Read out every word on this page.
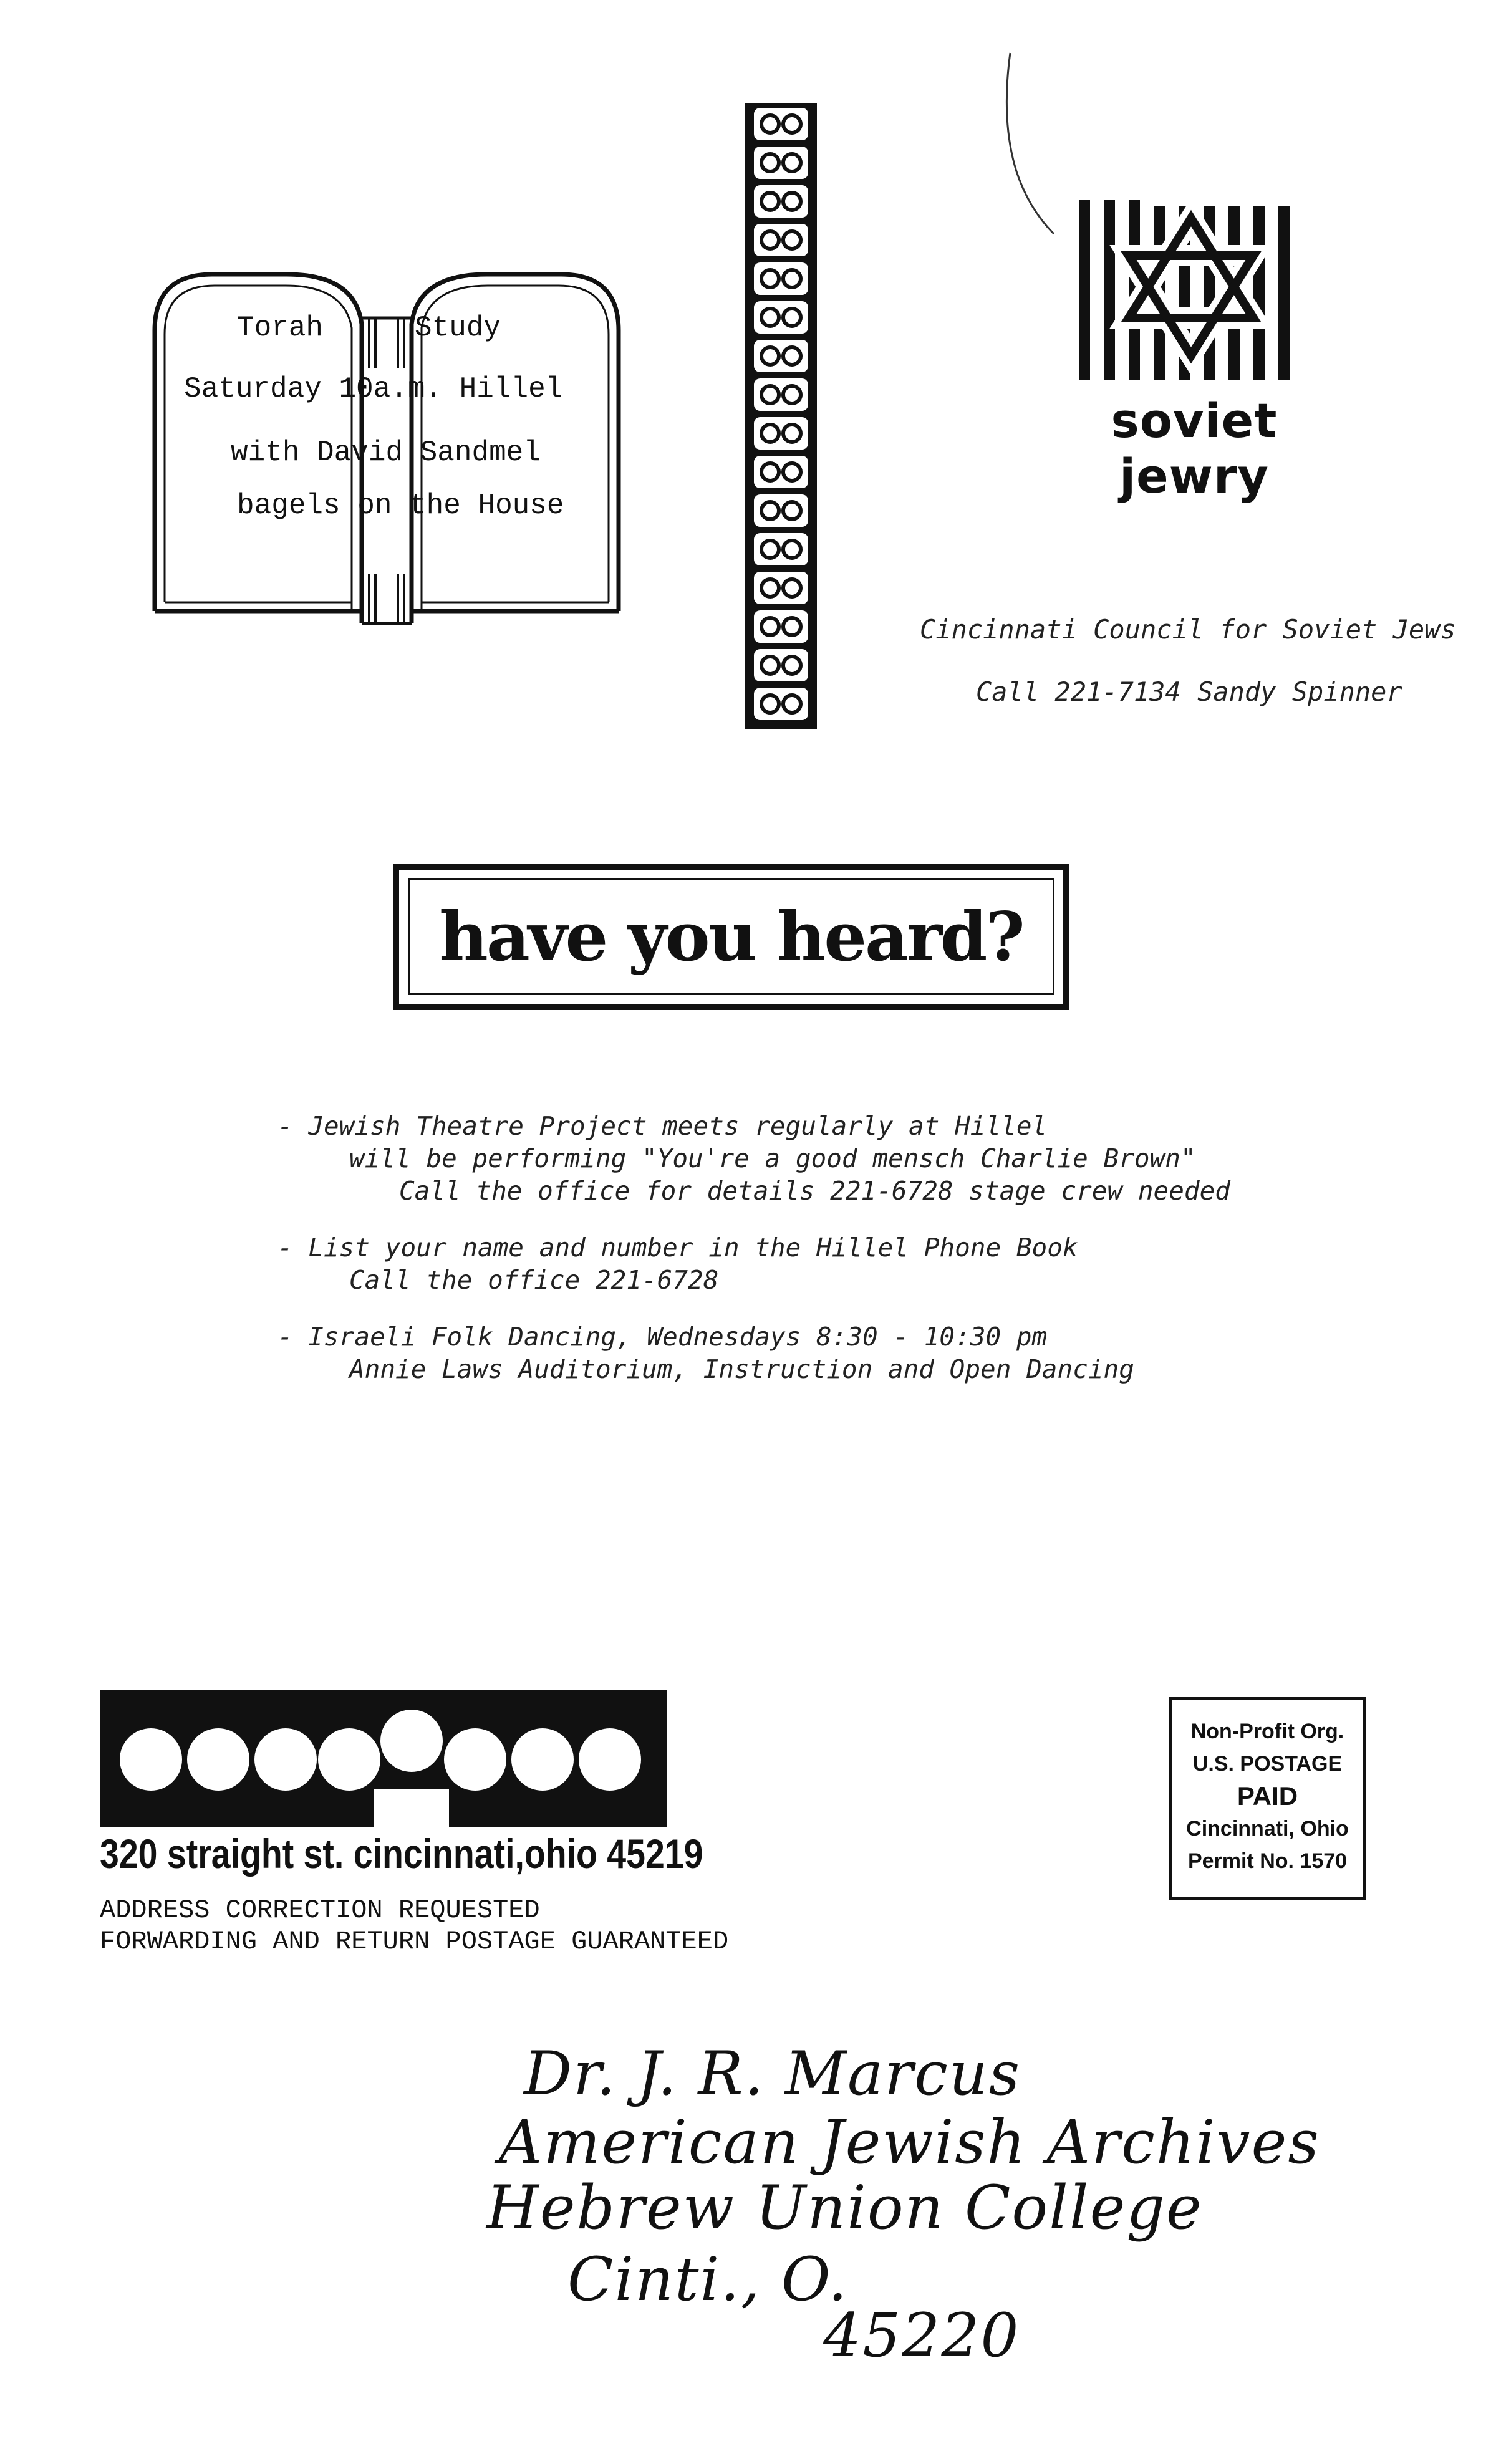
Torah	Study
Saturday 10a.m. Hillel
with David Sandmel
bagels on the House
soviet jewry
Cincinnati Council for Soviet Jews
Call 221-7134 Sandy Spinner
have you heard?
- Jewish Theatre Project meets regularly at Hillel
will be performing "You're a good mensch Charlie Brown"
Call the office for details 221-6728 stage crew needed
- List your name and number in the Hillel Phone Book
Call the office 221-6728
- Israeli Folk Dancing, Wednesdays 8:30 - 10:30 pm
Annie Laws Auditorium, Instruction and Open Dancing
320 straight st. cincinnati,ohio 45219
ADDRESS CORRECTION REQUESTED
FORWARDING AND RETURN POSTAGE GUARANTEED
Non-Profit Org.
U.S. POSTAGE
PAID
Cincinnati, Ohio
Permit No. 1570
Dr. J. R. Marcus
American Jewish Archives
Hebrew Union College
Cinti., O.
45220
